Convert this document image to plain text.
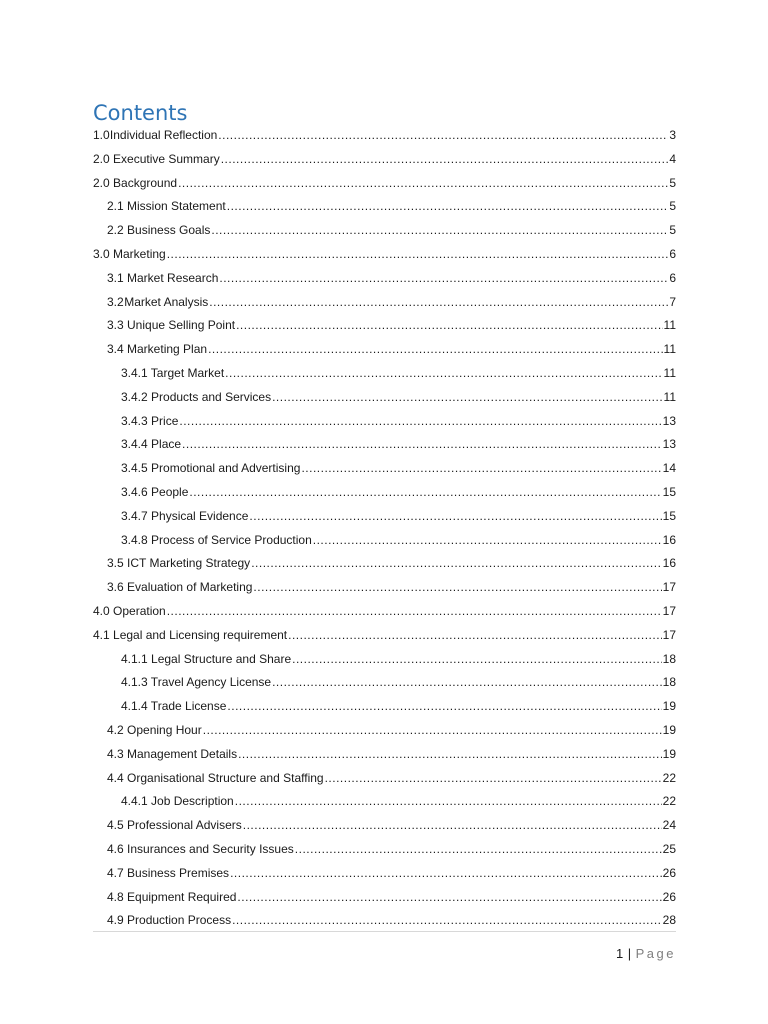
Contents
1.0 Individual Reflection .....	3
2.0 Executive Summary .....	4
2.0 Background .....	5
2.1 Mission Statement .....	5
2.2 Business Goals .....	5
3.0 Marketing .....	6
3.1 Market Research .....	6
3.2 Market Analysis .....	7
3.3 Unique Selling Point .....	11
3.4 Marketing Plan .....	11
3.4.1 Target Market .....	11
3.4.2 Products and Services .....	11
3.4.3 Price .....	13
3.4.4 Place .....	13
3.4.5 Promotional and Advertising .....	14
3.4.6 People .....	15
3.4.7 Physical Evidence .....	15
3.4.8 Process of Service Production .....	16
3.5 ICT Marketing Strategy .....	16
3.6 Evaluation of Marketing .....	17
4.0 Operation .....	17
4.1 Legal and Licensing requirement .....	17
4.1.1 Legal Structure and Share .....	18
4.1.3 Travel Agency License .....	18
4.1.4 Trade License .....	19
4.2 Opening Hour .....	19
4.3 Management Details .....	19
4.4 Organisational Structure and Staffing .....	22
4.4.1 Job Description .....	22
4.5 Professional Advisers .....	24
4.6 Insurances and Security Issues .....	25
4.7 Business Premises .....	26
4.8 Equipment Required .....	26
4.9 Production Process .....	28
1 | Page
